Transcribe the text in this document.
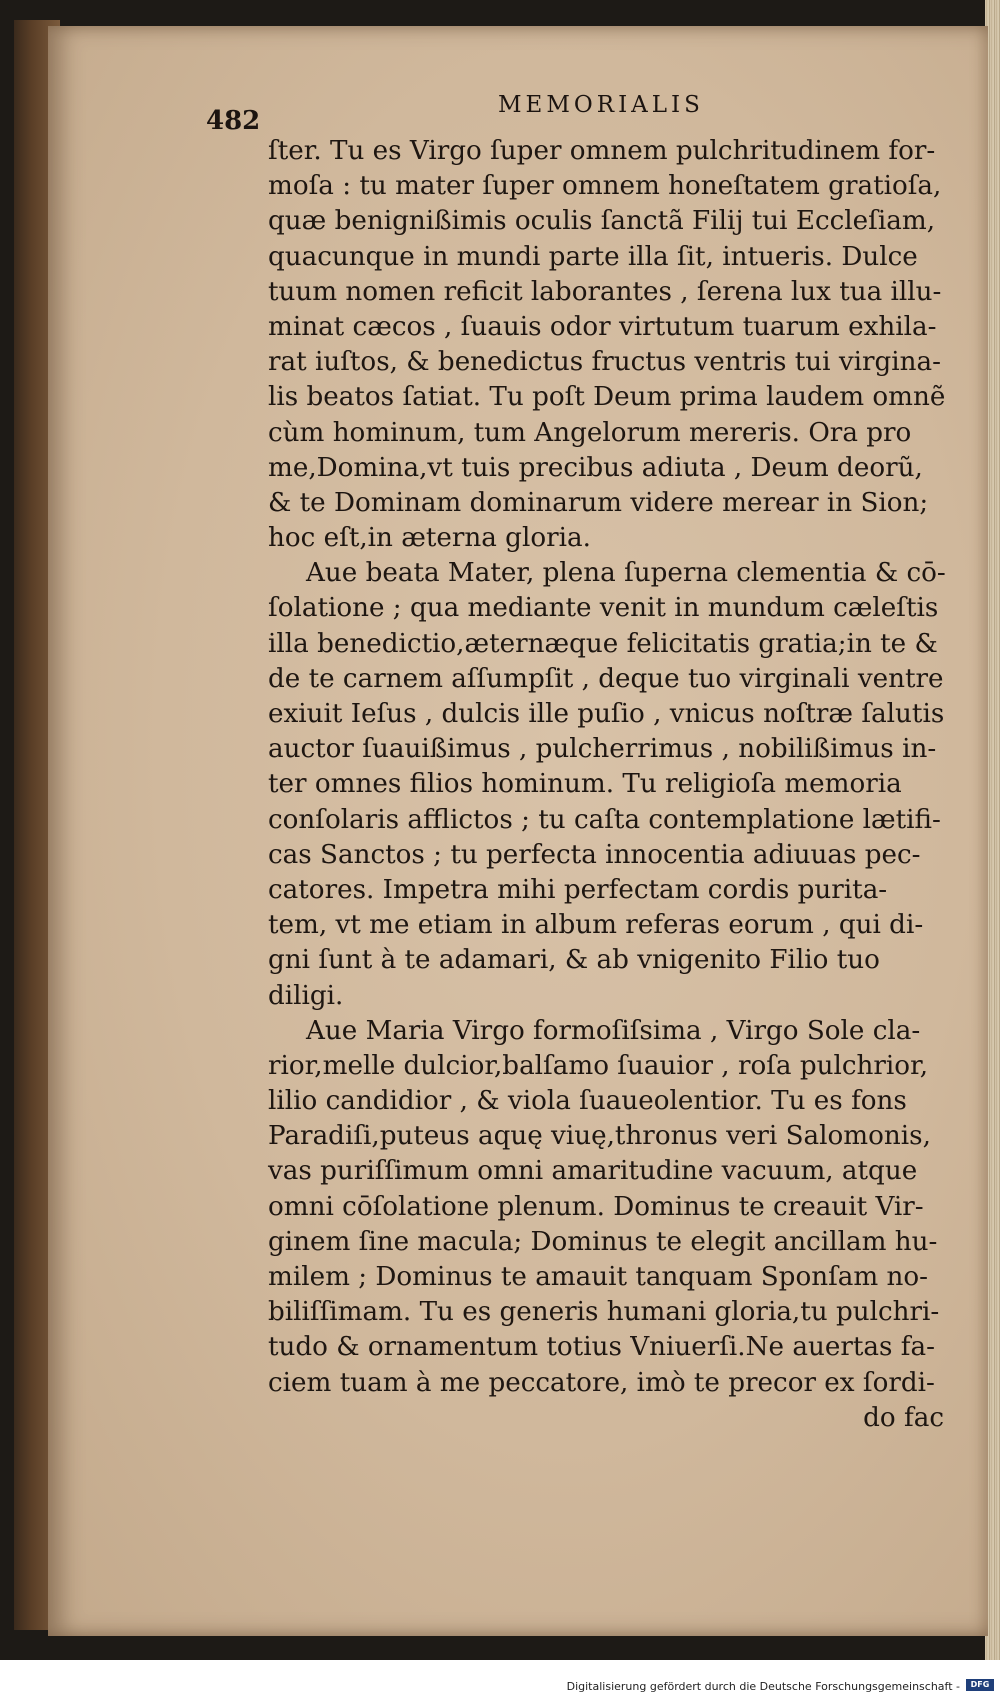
482
MEMORIALIS
ſter. Tu es Virgo ſuper omnem pulchritudinem for-
moſa : tu mater ſuper omnem honeſtatem gratioſa,
quæ benignißimis oculis ſanctã Filij tui Eccleſiam,
quacunque in mundi parte illa ſit, intueris. Dulce
tuum nomen reficit laborantes , ſerena lux tua illu-
minat cæcos , ſuauis odor virtutum tuarum exhila-
rat iuſtos, & benedictus fructus ventris tui virgina-
lis beatos ſatiat. Tu poſt Deum prima laudem omnẽ
cùm hominum, tum Angelorum mereris. Ora pro
me,Domina,vt tuis precibus adiuta , Deum deorũ,
& te Dominam dominarum videre merear in Sion;
hoc eſt,in æterna gloria.
Aue beata Mater, plena ſuperna clementia & cō-
ſolatione ; qua mediante venit in mundum cæleſtis
illa benedictio,æternæque felicitatis gratia;in te &
de te carnem aſſumpſit , deque tuo virginali ventre
exiuit Ieſus , dulcis ille puſio , vnicus noſtræ ſalutis
auctor ſuauißimus , pulcherrimus , nobilißimus in-
ter omnes filios hominum. Tu religioſa memoria
conſolaris afflictos ; tu caſta contemplatione lætifi-
cas Sanctos ; tu perfecta innocentia adiuuas pec-
catores. Impetra mihi perfectam cordis purita-
tem, vt me etiam in album referas eorum , qui di-
gni ſunt à te adamari, & ab vnigenito Filio tuo
diligi.
Aue Maria Virgo formoſiſsima , Virgo Sole cla-
rior,melle dulcior,balſamo ſuauior , roſa pulchrior,
lilio candidior , & viola ſuaueolentior. Tu es fons
Paradiſi,puteus aquę viuę,thronus veri Salomonis,
vas puriſſimum omni amaritudine vacuum, atque
omni cōſolatione plenum. Dominus te creauit Vir-
ginem ſine macula; Dominus te elegit ancillam hu-
milem ; Dominus te amauit tanquam Sponſam no-
biliſſimam. Tu es generis humani gloria,tu pulchri-
tudo & ornamentum totius Vniuerſi.Ne auertas fa-
ciem tuam à me peccatore, imò te precor ex ſordi-
do fac
Digitalisierung gefördert durch die Deutsche Forschungsgemeinschaft -	DFG
